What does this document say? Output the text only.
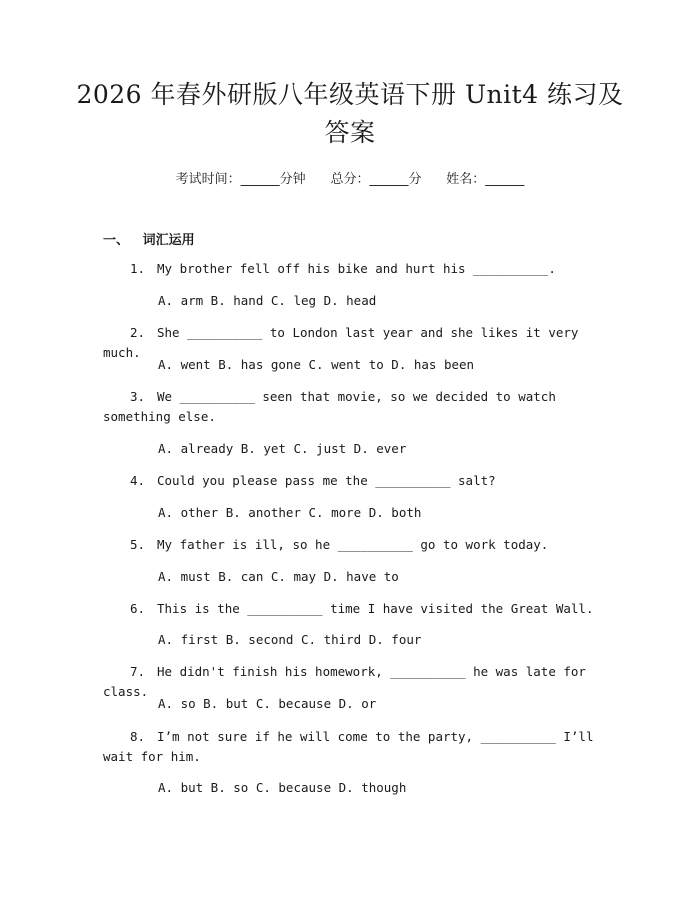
2026 年春外研版八年级英语下册 Unit4 练习及答案
考试时间：______分钟 总分：______分 姓名：______
一、 词汇运用
1. My brother fell off his bike and hurt his __________.
A. arm B. hand C. leg D. head
2. She __________ to London last year and she likes it very much.
A. went B. has gone C. went to D. has been
3. We __________ seen that movie, so we decided to watch something else.
A. already B. yet C. just D. ever
4. Could you please pass me the __________ salt?
A. other B. another C. more D. both
5. My father is ill, so he __________ go to work today.
A. must B. can C. may D. have to
6. This is the __________ time I have visited the Great Wall.
A. first B. second C. third D. four
7. He didn't finish his homework, __________ he was late for class.
A. so B. but C. because D. or
8. I’m not sure if he will come to the party, __________ I’ll wait for him.
A. but B. so C. because D. though
